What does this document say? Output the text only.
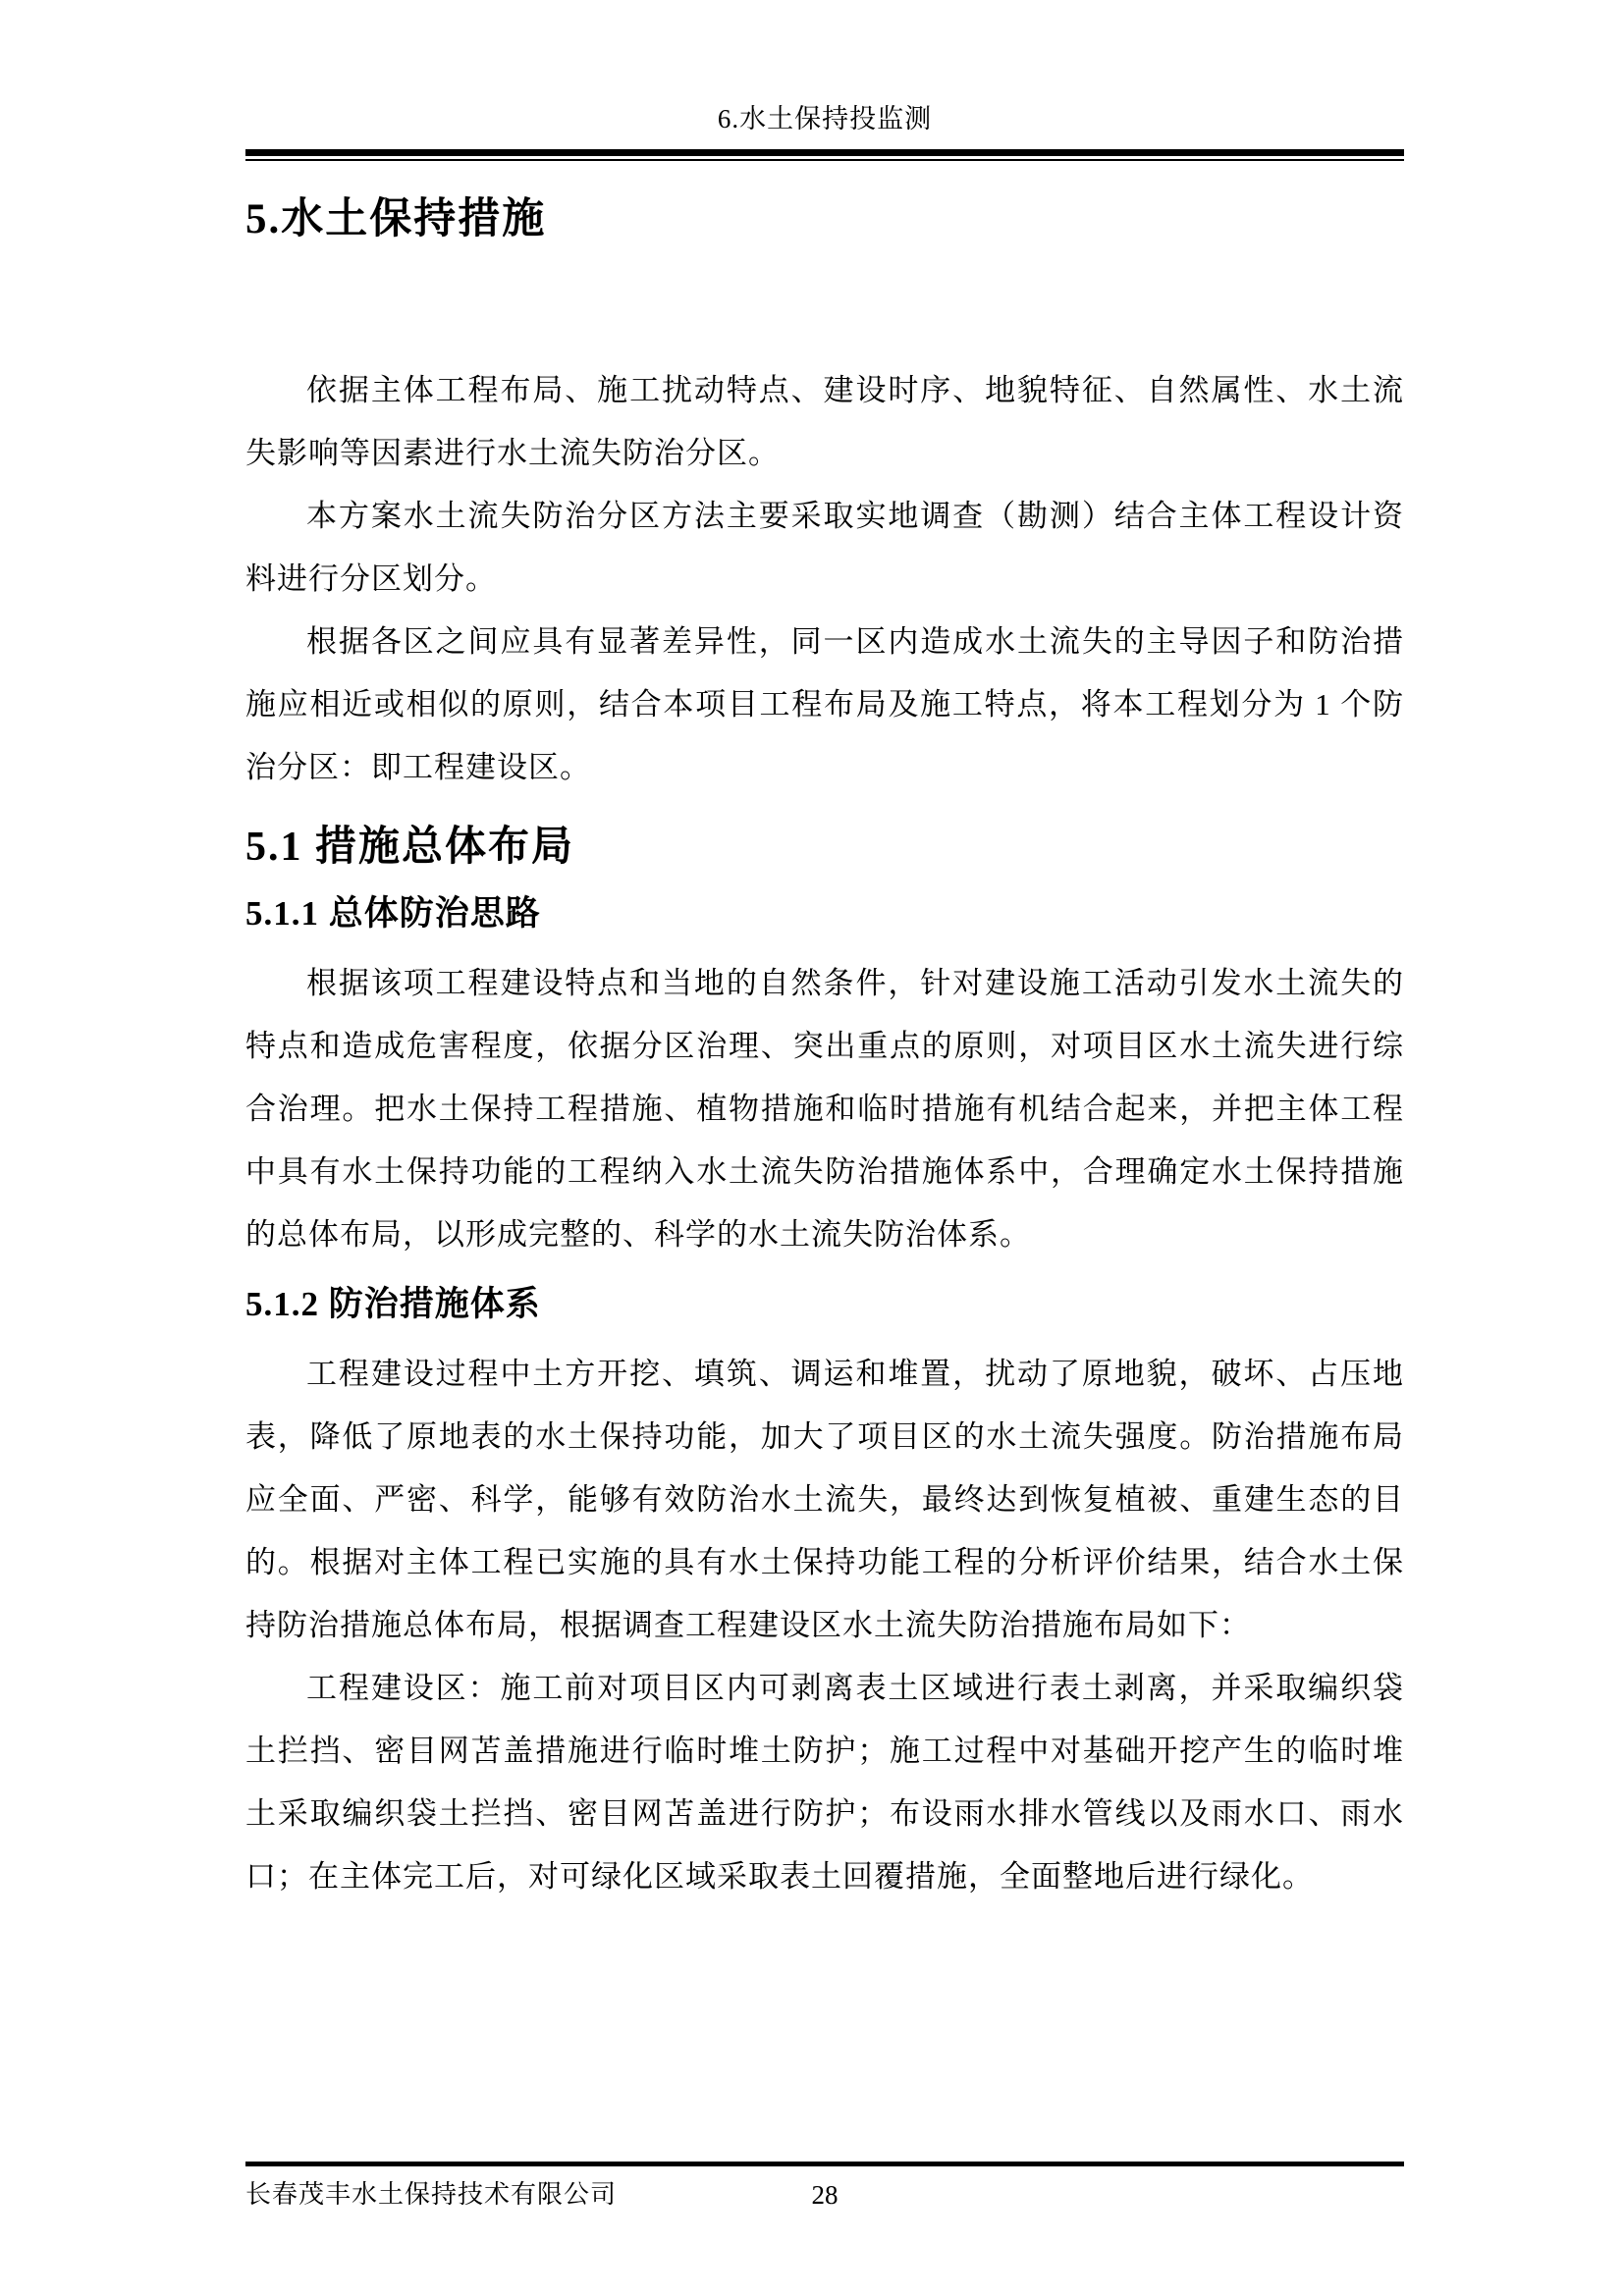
6.水土保持投监测
5.水土保持措施

依据主体工程布局、施工扰动特点、建设时序、地貌特征、自然属性、水土流失影响等因素进行水土流失防治分区。

本方案水土流失防治分区方法主要采取实地调查（勘测）结合主体工程设计资料进行分区划分。

根据各区之间应具有显著差异性，同一区内造成水土流失的主导因子和防治措施应相近或相似的原则，结合本项目工程布局及施工特点，将本工程划分为 1 个防治分区：即工程建设区。

5.1 措施总体布局
5.1.1 总体防治思路

根据该项工程建设特点和当地的自然条件，针对建设施工活动引发水土流失的特点和造成危害程度，依据分区治理、突出重点的原则，对项目区水土流失进行综合治理。把水土保持工程措施、植物措施和临时措施有机结合起来，并把主体工程中具有水土保持功能的工程纳入水土流失防治措施体系中，合理确定水土保持措施的总体布局，以形成完整的、科学的水土流失防治体系。

5.1.2 防治措施体系

工程建设过程中土方开挖、填筑、调运和堆置，扰动了原地貌，破坏、占压地表，降低了原地表的水土保持功能，加大了项目区的水土流失强度。防治措施布局应全面、严密、科学，能够有效防治水土流失，最终达到恢复植被、重建生态的目的。根据对主体工程已实施的具有水土保持功能工程的分析评价结果，结合水土保持防治措施总体布局，根据调查工程建设区水土流失防治措施布局如下：

工程建设区：施工前对项目区内可剥离表土区域进行表土剥离，并采取编织袋土拦挡、密目网苫盖措施进行临时堆土防护；施工过程中对基础开挖产生的临时堆土采取编织袋土拦挡、密目网苫盖进行防护；布设雨水排水管线以及雨水口、雨水口；在主体完工后，对可绿化区域采取表土回覆措施，全面整地后进行绿化。

长春茂丰水土保持技术有限公司	28
